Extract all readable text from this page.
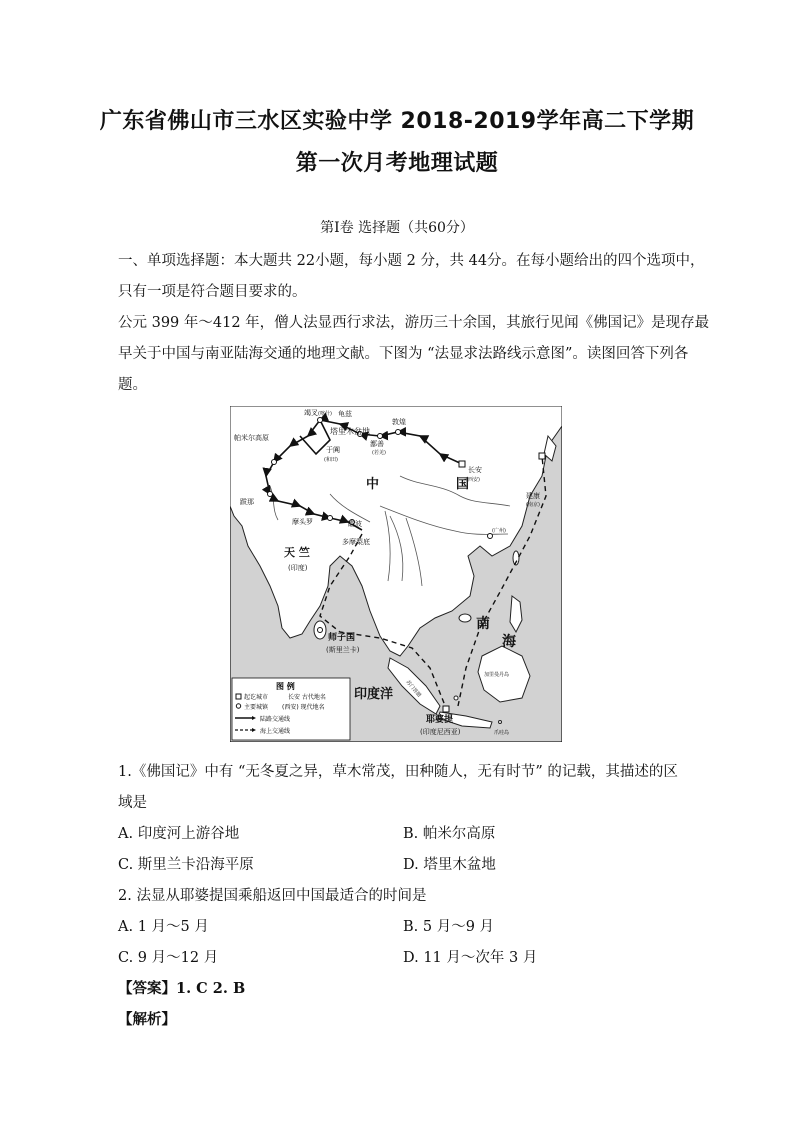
广东省佛山市三水区实验中学 2018-2019学年高二下学期
第一次月考地理试题
第Ⅰ卷 选择题（共60分）
一、单项选择题：本大题共 22小题，每小题 2 分，共 44分。在每小题给出的四个选项中，
只有一项是符合题目要求的。
公元 399 年～412 年，僧人法显西行求法，游历三十余国，其旅行见闻《佛国记》是现存最
早关于中国与南亚陆海交通的地理文献。下图为 “法显求法路线示意图”。读图回答下列各
题。
竭叉 (喀什) 龟兹
塔里木盆地
帕米尔高原
于阗
(和田)
敦煌
鄯善
(若羌)
长安
(西安)
建康
(南京)
(广州)
中	国
跋那
摩头罗	瞻波
多摩梨底
天 竺
(印度)
师子国
(斯里兰卡)
印度洋
南
海
耶婆提
(印度尼西亚)
加里曼丹岛
爪哇岛
苏门答腊
图 例
起讫城市	长安 古代地名
主要城镇 (西安) 现代地名
陆路交通线
海上交通线
1.《佛国记》中有 “无冬夏之异，草木常茂，田种随人，无有时节” 的记载，其描述的区
域是
A. 印度河上游谷地	B. 帕米尔高原
C. 斯里兰卡沿海平原	D. 塔里木盆地
2. 法显从耶婆提国乘船返回中国最适合的时间是
A. 1 月～5 月	B. 5 月～9 月
C. 9 月～12 月	D. 11 月～次年 3 月
【答案】1. C 2. B
【解析】
